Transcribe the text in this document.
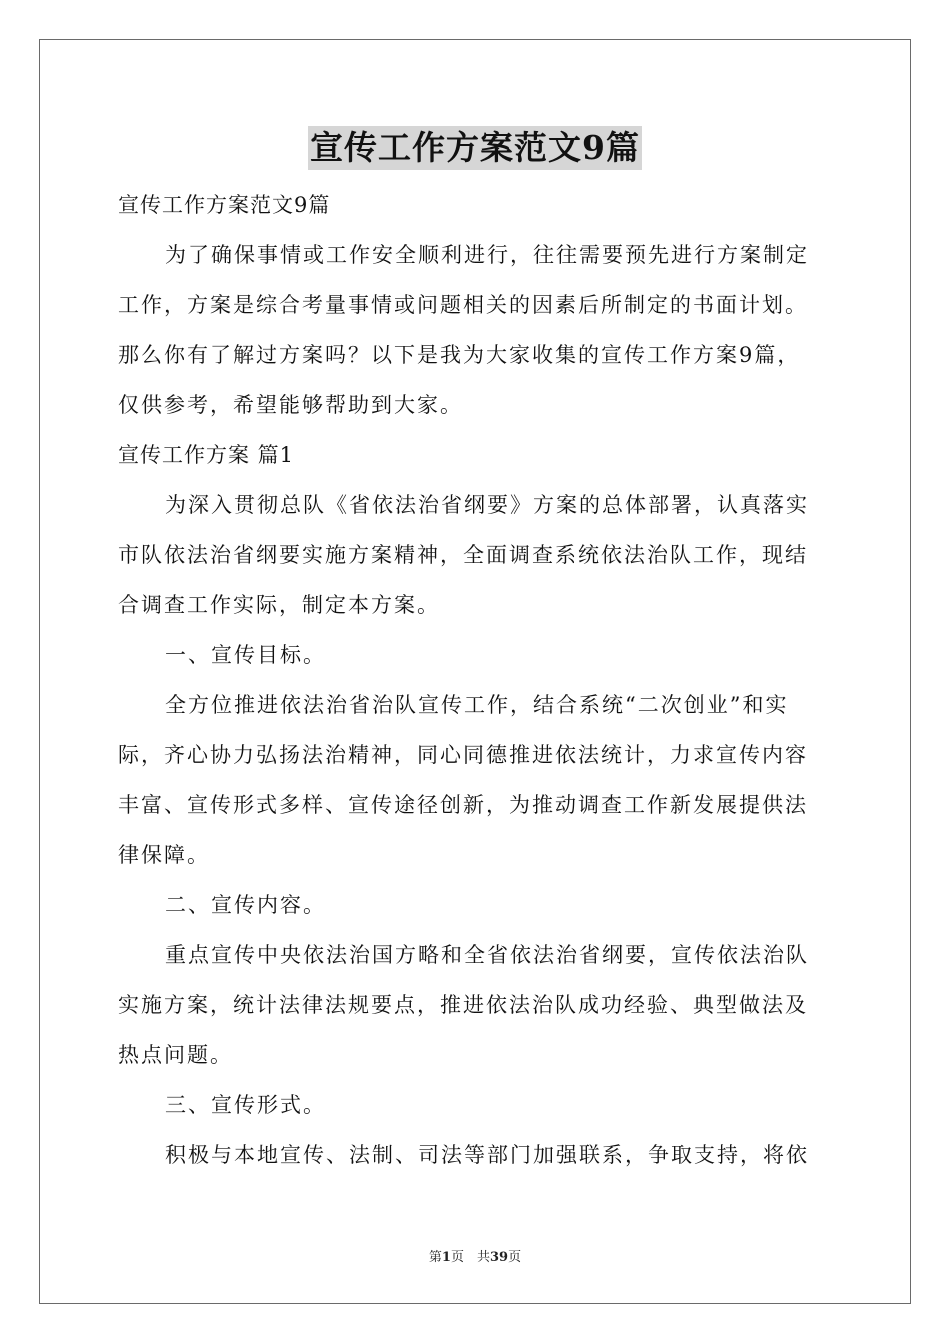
宣传工作方案范文9篇
宣传工作方案范文9篇
为了确保事情或工作安全顺利进行，往往需要预先进行方案制定
工作，方案是综合考量事情或问题相关的因素后所制定的书面计划。
那么你有了解过方案吗？以下是我为大家收集的宣传工作方案9篇，
仅供参考，希望能够帮助到大家。
宣传工作方案 篇1
为深入贯彻总队《省依法治省纲要》方案的总体部署，认真落实
市队依法治省纲要实施方案精神，全面调查系统依法治队工作，现结
合调查工作实际，制定本方案。
一、宣传目标。
全方位推进依法治省治队宣传工作，结合系统“二次创业”和实
际，齐心协力弘扬法治精神，同心同德推进依法统计，力求宣传内容
丰富、宣传形式多样、宣传途径创新，为推动调查工作新发展提供法
律保障。
二、宣传内容。
重点宣传中央依法治国方略和全省依法治省纲要，宣传依法治队
实施方案，统计法律法规要点，推进依法治队成功经验、典型做法及
热点问题。
三、宣传形式。
积极与本地宣传、法制、司法等部门加强联系，争取支持，将依
第1页　共39页
